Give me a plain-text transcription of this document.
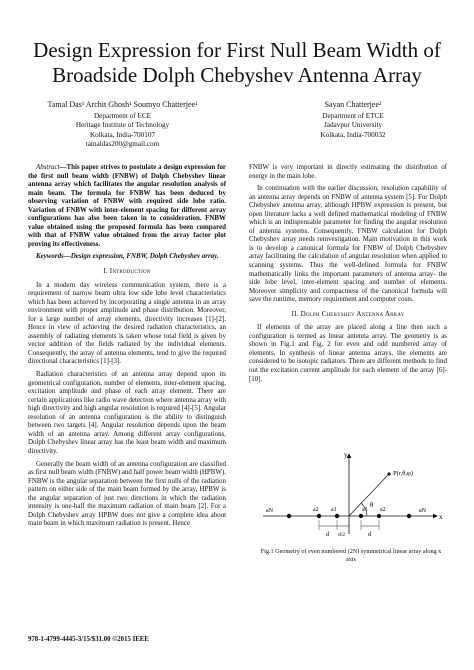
Design Expression for First Null Beam Width of
Broadside Dolph Chebyshev Antenna Array
Tamal Das¹ Archit Ghosh¹ Soumyo Chatterjee¹
Department of ECE
Heritage Institute of Technology
Kolkata, India-700107
tamaldas200@gmail.com
Sayan Chatterjee²
Department of ETCE
Jadavpur University
Kolkata, India-700032

Abstract—This paper strives to postulate a design expression for the first null beam width (FNBW) of Dolph Chebyshev linear antenna array which facilitates the angular resolution analysis of main beam. The formula for FNBW has been deduced by observing variation of FNBW with required side lobe ratio. Variation of FNBW with inter-element spacing for different array configurations has also been taken in to consideration. FNBW value obtained using the proposed formula has been compared with that of FNBW value obtained from the array factor plot proving its effectiveness.

Keywords—Design expression, FNBW, Dolph Chebyshev array.

I. Introduction

In a modern day wireless communication system, there is a requirement of narrow beam ultra low side lobe level characteristics which has been achieved by incorporating a single antenna in an array environment with proper amplitude and phase distribution. Moreover, for a large number of array elements, directivity increases [1]-[2]. Hence in view of achieving the desired radiation characteristics, an assembly of radiating elements is taken whose total field is given by vector addition of the fields radiated by the individual elements. Consequently, the array of antenna elements, tend to give the required directional characteristics [1]-[3].

Radiation characteristics of an antenna array depend upon its geometrical configuration, number of elements, inter-element spacing, excitation amplitude and phase of each array element. There are certain applications like radio wave detection where antenna array with high directivity and high angular resolution is required [4]-[5]. Angular resolution of an antenna configuration is the ability to distinguish between two targets [4]. Angular resolution depends upon the beam width of an antenna array. Among different array configurations, Dolph Chebyshev linear array has the least beam width and maximum directivity.

Generally the beam width of an antenna configuration are classified as first null beam width (FNBW) and half power beam width (HPBW). FNBW is the angular separation between the first nulls of the radiation pattern on either side of the main beam formed by the array, HPBW is the angular separation of just two directions in which the radiation intensity is one-half the maximum radiation of main beam [2]. For a Dolph Chebyshev array HPBW does not give a complete idea about main beam in which maximum radiation is present. Hence

FNBW is very important in directly estimating the distribution of energy in the main lobe.

In continuation with the earlier discussion, resolution capability of an antenna array depends on FNBW of antenna system [5]. For Dolph Chebyshev antenna array, although HPBW expression is present, but open literature lacks a well defined mathematical modeling of FNBW which is an indispensable parameter for finding the angular resolution of antenna systems. Consequently, FNBW calculation for Dolph Chebyshev array needs reinvestigation. Main motivation in this work is to develop a canonical formula for FNBW of Dolph Chebyshev array facilitating the calculation of angular resolution when applied to scanning systems. Thus the well-defined formula for FNBW mathematically links the important parameters of antenna array- the side lobe level, inter-element spacing and number of elements. Moreover simplicity and compactness of the canonical formula will save the runtime, memory requirement and computer costs.

II. Dolph Chebyshev Antenna Array

If elements of the array are placed along a line then such a configuration is termed as linear antenna array. The geometry is as shown in Fig.1 and Fig. 2 for even and odd numbered array of elements. In synthesis of linear antenna arrays, the elements are considered to be isotopic radiators. There are different methods to find out the excitation current amplitude for each element of the array [6]-[10].

y
x
P(r,θ,φ)
θ
aN	a2 a1	a1 a2	aN
d d/2	d
Fig.1 Geometry of even numbered (2N) symmetrical linear array along x axis
978-1-4799-4445-3/15/$31.00 ©2015 IEEE
